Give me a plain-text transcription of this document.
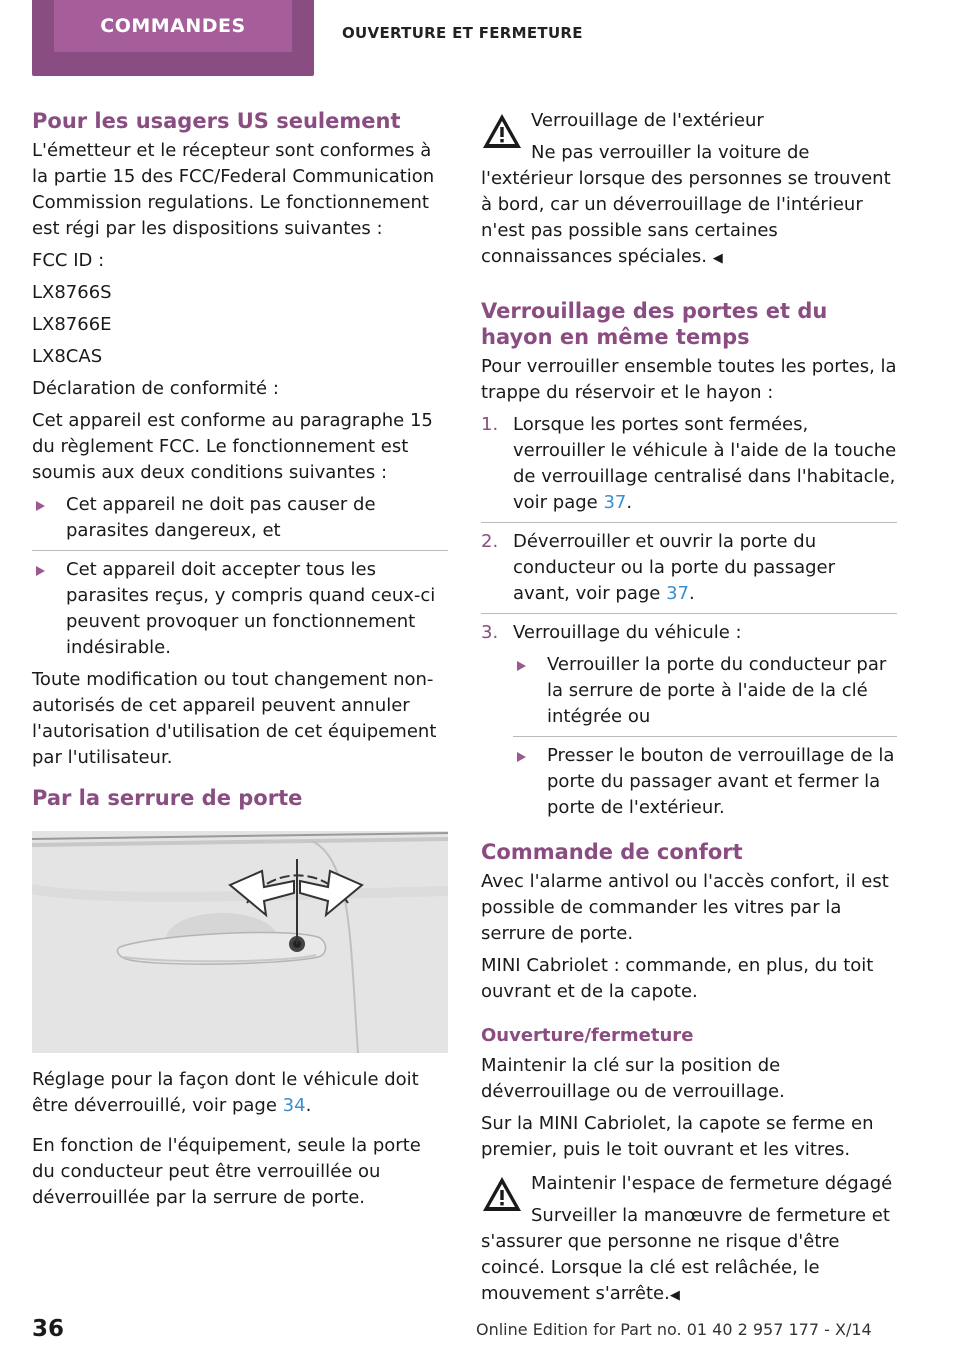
COMMANDES	OUVERTURE ET FERMETURE
Pour les usagers US seulement

L'émetteur et le récepteur sont conformes à la partie 15 des FCC/Federal Communication Commission regulations. Le fonctionnement est régi par les dispositions suivantes :

FCC ID :

LX8766S

LX8766E

LX8CAS

Déclaration de conformité :

Cet appareil est conforme au paragraphe 15 du règlement FCC. Le fonctionnement est soumis aux deux conditions suivantes :

Cet appareil ne doit pas causer de parasites dangereux, et
Cet appareil doit accepter tous les parasites reçus, y compris quand ceux-ci peuvent provoquer un fonctionnement indésirable.

Toute modification ou tout changement non-autorisés de cet appareil peuvent annuler l'autorisation d'utilisation de cet équipement par l'utilisateur.

Par la serrure de porte

Réglage pour la façon dont le véhicule doit être déverrouillé, voir page 34.

En fonction de l'équipement, seule la porte du conducteur peut être verrouillée ou déverrouillée par la serrure de porte.

Verrouillage de l'extérieur

Ne pas verrouiller la voiture de l'extérieur lorsque des personnes se trouvent à bord, car un déverrouillage de l'intérieur n'est pas possible sans certaines connaissances spéciales. ◀

Verrouillage des portes et du hayon en même temps

Pour verrouiller ensemble toutes les portes, la trappe du réservoir et le hayon :

1. Lorsque les portes sont fermées, verrouiller le véhicule à l'aide de la touche de verrouillage centralisé dans l'habitacle, voir page 37.
2. Déverrouiller et ouvrir la porte du conducteur ou la porte du passager avant, voir page 37.
3. Verrouillage du véhicule :
Verrouiller la porte du conducteur par la serrure de porte à l'aide de la clé intégrée ou
Presser le bouton de verrouillage de la porte du passager avant et fermer la porte de l'extérieur.
Commande de confort

Avec l'alarme antivol ou l'accès confort, il est possible de commander les vitres par la serrure de porte.

MINI Cabriolet : commande, en plus, du toit ouvrant et de la capote.

Ouverture/fermeture

Maintenir la clé sur la position de déverrouillage ou de verrouillage.

Sur la MINI Cabriolet, la capote se ferme en premier, puis le toit ouvrant et les vitres.

Maintenir l'espace de fermeture dégagé

Surveiller la manœuvre de fermeture et s'assurer que personne ne risque d'être coincé. Lorsque la clé est relâchée, le mouvement s'arrête.◀

36	Online Edition for Part no. 01 40 2 957 177 - X/14
